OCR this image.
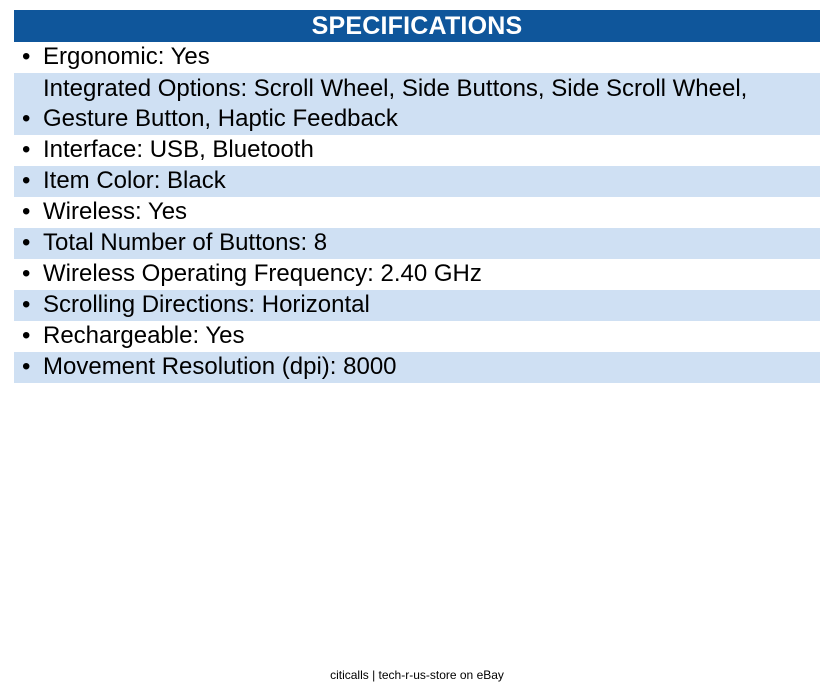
SPECIFICATIONS
• Ergonomic: Yes
•
Integrated Options: Scroll Wheel, Side Buttons, Side Scroll Wheel, Gesture Button, Haptic Feedback
• Interface: USB, Bluetooth
• Item Color: Black
• Wireless: Yes
• Total Number of Buttons: 8
• Wireless Operating Frequency: 2.40 GHz
• Scrolling Directions: Horizontal
• Rechargeable: Yes
• Movement Resolution (dpi): 8000
citicalls | tech-r-us-store on eBay
